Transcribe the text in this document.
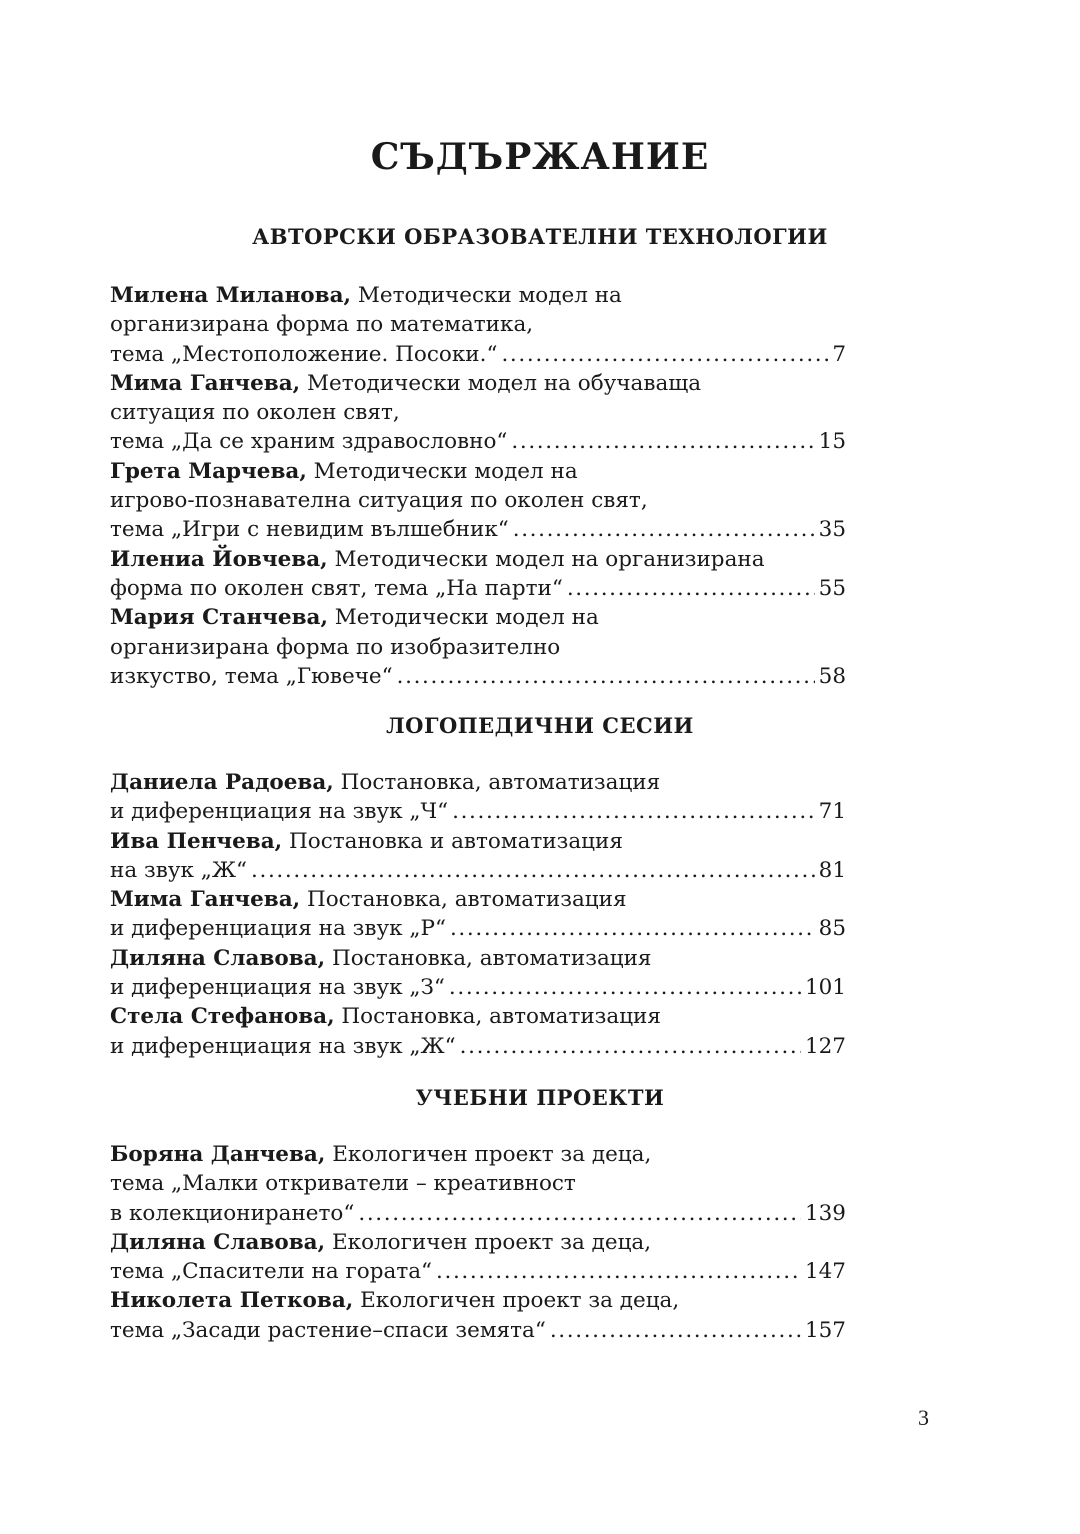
СЪДЪРЖАНИЕ
АВТОРСКИ ОБРАЗОВАТЕЛНИ ТЕХНОЛОГИИ
Милена Миланова,
Методически модел на
организирана форма по математика,
тема „Местоположение. Посоки.“ . . .	7
Мима Ганчева,
Методически модел на обучаваща
ситуация по околен свят,
тема „Да се храним здравословно“ . . .	15
Грета Марчева,
Методически модел на
игрово-познавателна ситуация по околен свят,
тема „Игри с невидим вълшебник“ . . .	35
Илениа Йовчева,
Методически модел на организирана
форма по околен свят, тема „На парти“ . . .	55
Мария Станчева,
Методически модел на
организирана форма по изобразително
изкуство, тема „Гювече“ . . .	58
ЛОГОПЕДИЧНИ СЕСИИ
Даниела Радоева,
Постановка, автоматизация
и диференциация на звук „Ч“ . . .	71
Ива Пенчева,
Постановка и автоматизация
на звук „Ж“ . . .	81
Мима Ганчева,
Постановка, автоматизация
и диференциация на звук „Р“ . . .	85
Диляна Славова,
Постановка, автоматизация
и диференциация на звук „З“ . . .	101
Стела Стефанова,
Постановка, автоматизация
и диференциация на звук „Ж“ . . .	127
УЧЕБНИ ПРОЕКТИ
Боряна Данчева,
Екологичен проект за деца,
тема „Малки откриватели – креативност
в колекционирането“ . . .	139
Диляна Славова,
Екологичен проект за деца,
тема „Спасители на гората“ . . .	147
Николета Петкова,
Екологичен проект за деца,
тема „Засади растение–спаси земята“ . . .	157
3
